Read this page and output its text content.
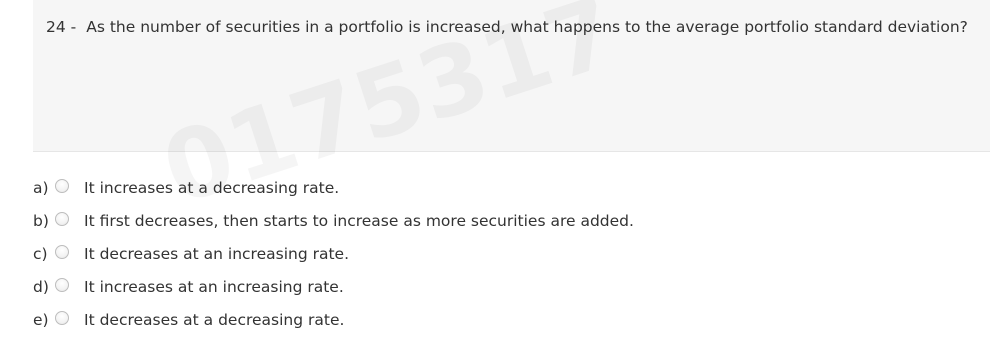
24 - As the number of securities in a portfolio is increased, what happens to the average portfolio standard deviation?
a) It increases at a decreasing rate.
b) It first decreases, then starts to increase as more securities are added.
c) It decreases at an increasing rate.
d) It increases at an increasing rate.
e) It decreases at a decreasing rate.
